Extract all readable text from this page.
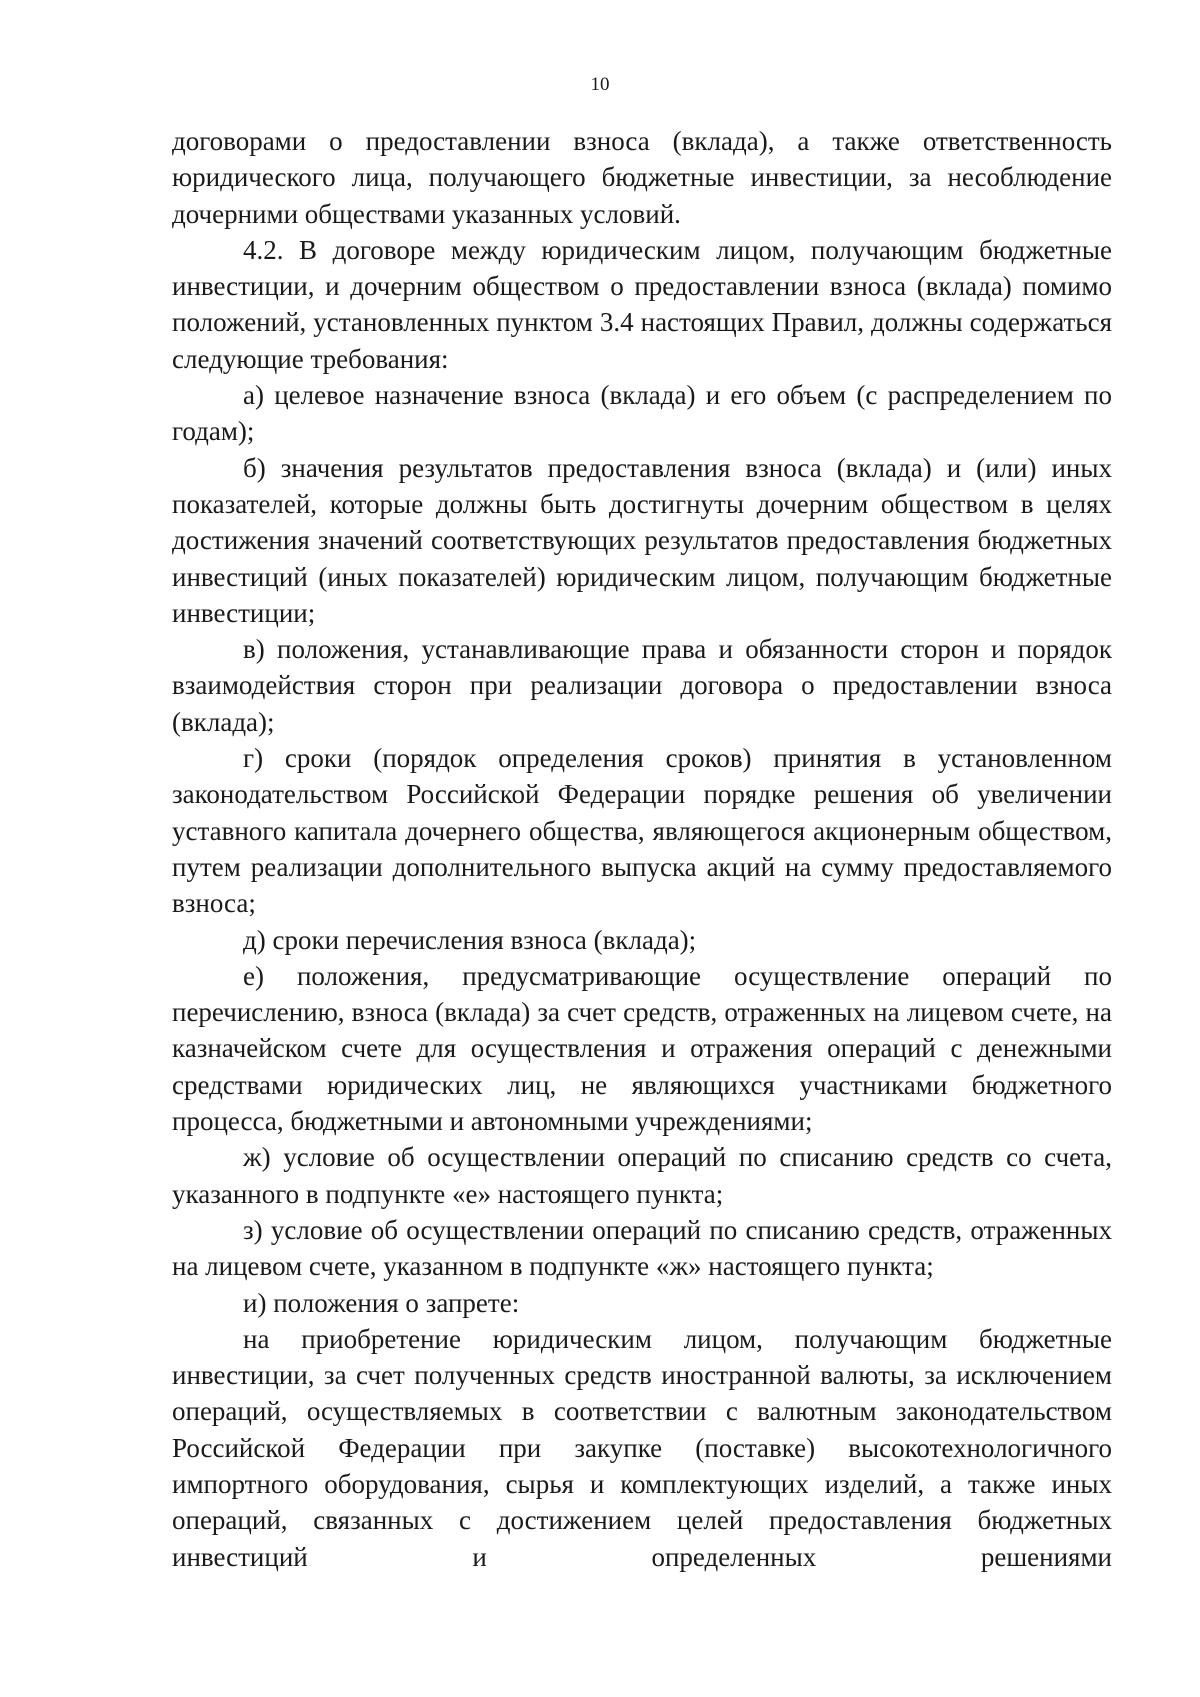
10

договорами о предоставлении взноса (вклада), а также ответственность юридического лица, получающего бюджетные инвестиции, за несоблюдение дочерними обществами указанных условий.

4.2. В договоре между юридическим лицом, получающим бюджетные инвестиции, и дочерним обществом о предоставлении взноса (вклада) помимо положений, установленных пунктом 3.4 настоящих Правил, должны содержаться следующие требования:

а) целевое назначение взноса (вклада) и его объем (с распределением по годам);

б) значения результатов предоставления взноса (вклада) и (или) иных показателей, которые должны быть достигнуты дочерним обществом в целях достижения значений соответствующих результатов предоставления бюджетных инвестиций (иных показателей) юридическим лицом, получающим бюджетные инвестиции;

в) положения, устанавливающие права и обязанности сторон и порядок взаимодействия сторон при реализации договора о предоставлении взноса (вклада);

г) сроки (порядок определения сроков) принятия в установленном законодательством Российской Федерации порядке решения об увеличении уставного капитала дочернего общества, являющегося акционерным обществом, путем реализации дополнительного выпуска акций на сумму предоставляемого взноса;

д) сроки перечисления взноса (вклада);

е) положения, предусматривающие осуществление операций по перечислению, взноса (вклада) за счет средств, отраженных на лицевом счете, на казначейском счете для осуществления и отражения операций с денежными средствами юридических лиц, не являющихся участниками бюджетного процесса, бюджетными и автономными учреждениями;

ж) условие об осуществлении операций по списанию средств со счета, указанного в подпункте «е» настоящего пункта;

з) условие об осуществлении операций по списанию средств, отраженных на лицевом счете, указанном в подпункте «ж» настоящего пункта;

и) положения о запрете:

на приобретение юридическим лицом, получающим бюджетные инвестиции, за счет полученных средств иностранной валюты, за исключением операций, осуществляемых в соответствии с валютным законодательством Российской Федерации при закупке (поставке) высокотехнологичного импортного оборудования, сырья и комплектующих изделий, а также иных операций, связанных с достижением целей предоставления бюджетных инвестиций и определенных решениями
